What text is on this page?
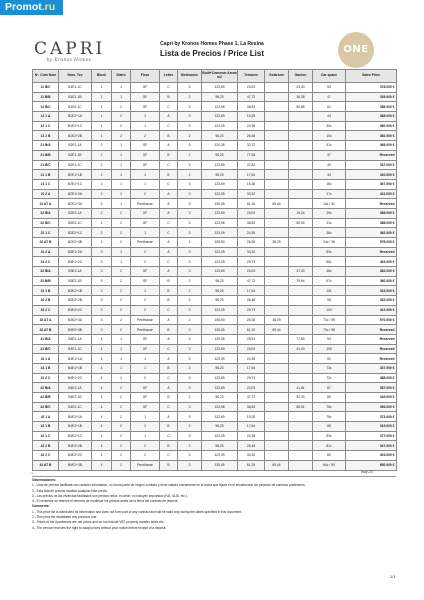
Promot.ru
CAPRI
by Kronos Homes
Capri by Kronos Homes Phase 1, La Resina
Lista de Precios / Price List	ONE
Nº. Com Nom	Nom. Tec	Block	Stairs	Floor	Letter	Bedrooms	Built+Common Areas m2	Terraces	Solarium	Garden	Car space	Sales Price
11 B/C	B1E1-1C	1	1	GF	C	3	123,69	23,03		23,43	53	378.000 €
11 B/B	B1E1-1B	1	1	GF	B	2	98,23	47,72		36,38	47	339.000 €
12 B/C	B1E2-1C	1	2	GF	C	3	123,98	36,83		50,86	61	386.000 €
12 1 A	B1E2+1A	1	2	1	A	3	123,69	19,28			44	368.000 €
12 1 C	B1E2+1C	1	2	1	C	3	123,39	24,35			30c	360.000 €
12 2 B	B1E2+2B	1	2	2	B	2	98,23	26,48			10c	382.000 €
21 B/A	B2E1-1A	2	1	GF	A	3	120,38	32,72			51c	368.000 €
21 B/B	B2E1-1B	2	1	GF	B	2	98,23	77,55			37	Reserved
21 B/C	B2E1-1C	2	1	GF	C	3	123,69	37,82			40	337.000 €
21 1 B	B2E1+1B	2	1	1	B	2	98,23	17,64			34	320.000 €
21 1 C	B2E1+1C	2	1	1	C	3	123,69	19,28			16c	367.000 €
21 2 A	B2E1+2A	2	1	2	A	3	123,39	33,32			17c	431.000 €
21 AT A	B2E1+3A	2	1	Penthouse	A	3	135,05	61,18	69,44		14c / 41	Reserved
22 B/A	B2E2-1A	2	2	GF	A	3	123,69	23,03		19,24	29c	368.000 €
22 B/C	B2E2-1C	2	2	GF	C	3	123,98	36,83		50,94	21c	388.000 €
22 1 C	B2E2+1C	2	2	1	C	3	123,39	24,35			26c	382.000 €
22 AT B	B2E2+3B	2	2	Penthouse	A	2	106,50	26,26	38,29		24c / 36	578.000 €
31 2 A	B3E1+2A	3	1	2	A	3	123,39	33,32			63c	Reserved
31 2 C	B3E1+2C	3	1	2	C	3	123,39	29,73			65c	403.000 €
32 B/A	B3E2-1A	3	2	GF	A	3	123,69	23,03		37,00	46c	382.000 €
32 B/B	B3E2-1B	3	2	GF	B	2	98,23	47,72		79,94	67c	360.000 €
32 1 B	B3E2+1B	3	2	1	B	2	98,23	17,64			101	323.000 €
32 2 B	B3E2+2B	3	2	2	B	2	98,23	26,48			95	332.000 €
32 2 C	B3E2+2C	3	2	2	C	3	123,39	29,73			100	412.000 €
32 AT A	B3E2+3A	3	2	Penthouse	A	2	106,50	26,26	38,29		71c / 99	570.000 €
32 AT B	B3E2+3B	3	2	Penthouse	B	3	135,05	61,19	69,44		70c / 98	Reserved
41 B/A	B4E1-1A	4	1	GF	A	3	120,38	25,51		77,69	94	Reserved
41 B/C	B4E1-1C	4	1	GF	C	3	123,69	23,03		41,00	105	Reserved
41 1 A	B4E1+1A	4	1	1	A	3	123,39	24,35			92	Reserved
41 1 B	B4E1+1B	4	1	1	B	2	98,23	17,64			73c	337.000 €
41 2 C	B4E1+2C	4	1	2	C	3	123,69	29,73			72c	388.000 €
42 B/A	B4E2-1A	4	2	GF	A	3	123,69	23,03		41,81	87	387.000 €
42 B/B	B4E2-1B	4	2	GF	B	2	98,23	47,72		92,30	86	349.000 €
42 B/C	B4E2-1C	4	2	GF	C	3	123,98	36,83		88,51	78c	396.000 €
42 1 A	B4E2+1A	4	2	1	A	3	123,69	19,28			79c	373.000 €
42 1 B	B4E2+1B	4	2	1	B	2	98,23	17,64			88	319.000 €
42 1 C	B4E2+1C	4	2	1	C	3	123,39	24,35			83c	377.000 €
42 2 B	B4E2+2B	4	2	2	B	2	98,23	26,48			81c	347.000 €
42 2 C	B4E2+2C	4	2	2	C	3	123,39	33,32			80	403.000 €
42 AT B	B4E2+3B	4	2	Penthouse	B	3	135,05	61,29	69,44		84c / 90	650.000 €
v1	may-23
Observaciones:
1.- Lista de precios facilitada con carácter informativo, no forma parte de ningún contrato y tiene validez únicamente en la fecha que figura en el encabezado sin perjuicio de cambios posteriores.
2.- Esta lista de precios invalida cualquier lista previa.
3.- Los precios de las viviendas facilitados son precios netos, es decir, no incluyen impuestos (IVA, IAJD, etc.).
4.- El vendedor se reserva el derecho de modificar los precios antes de la firma del contrato de reserva.
Comments:
1.- This price list is distributed as information and does not form part of any contract and will be valid only during the dates specified in this document.
2.- This price list invalidates any previous one.
3.- Prices of the Apartments are net prices and do not include VAT, property transfer taxes etc.
4.- The vendor reserves the right to adapt prices without prior notice before receipt of a deposit.
1/1
